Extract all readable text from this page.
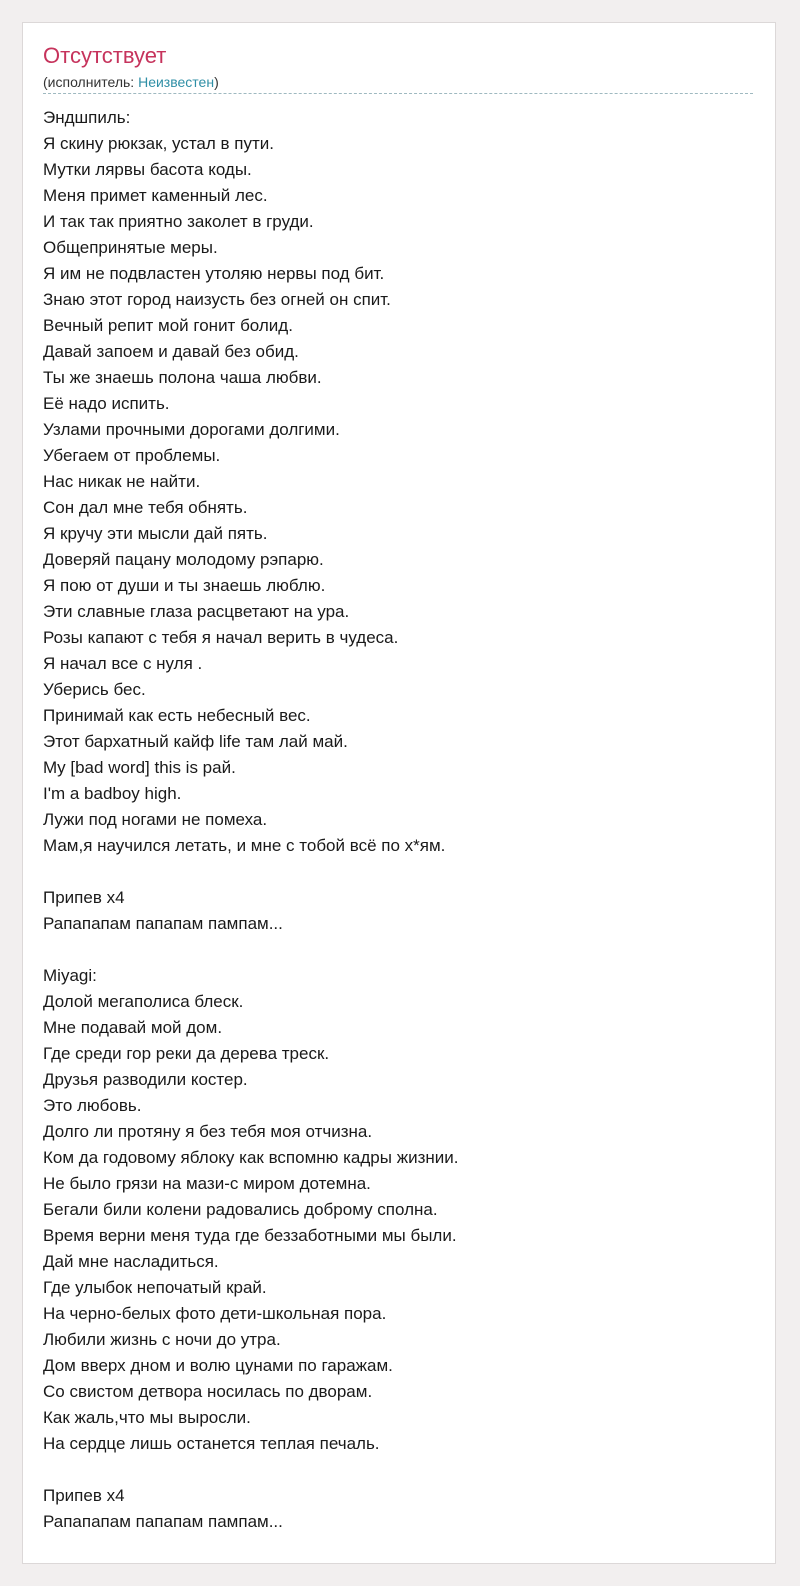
Отсутствует
(исполнитель: Неизвестен)
Эндшпиль:
Я скину рюкзак, устал в пути.
Мутки лярвы басота коды.
Меня примет каменный лес.
И так так приятно заколет в груди.
Общепринятые меры.
Я им не подвластен утоляю нервы под бит.
Знаю этот город наизусть без огней он спит.
Вечный репит мой гонит болид.
Давай запоем и давай без обид.
Ты же знаешь полона чаша любви.
Её надо испить.
Узлами прочными дорогами долгими.
Убегаем от проблемы.
Нас никак не найти.
Сон дал мне тебя обнять.
Я кручу эти мысли дай пять.
Доверяй пацану молодому рэпарю.
Я пою от души и ты знаешь люблю.
Эти славные глаза расцветают на ура.
Розы капают с тебя я начал верить в чудеса.
Я начал все с нуля .
Уберись бес.
Принимай как есть небесный вес.
Этот бархатный кайф life там лай май.
My [bad word] this is рай.
I'm a badboy high.
Лужи под ногами не помеха.
Мам,я научился летать, и мне с тобой всё по х*ям.
Припев x4
Рапапапам папапам пампам...
Miyagi:
Долой мегаполиса блеск.
Мне подавай мой дом.
Где среди гор реки да дерева треск.
Друзья разводили костер.
Это любовь.
Долго ли протяну я без тебя моя отчизна.
Ком да годовому яблоку как вспомню кадры жизнии.
Не было грязи на мази-с миром дотемна.
Бегали били колени радовались доброму сполна.
Время верни меня туда где беззаботными мы были.
Дай мне насладиться.
Где улыбок непочатый край.
На черно-белых фото дети-школьная пора.
Любили жизнь с ночи до утра.
Дом вверх дном и волю цунами по гаражам.
Со свистом детвора носилась по дворам.
Как жаль,что мы выросли.
На сердце лишь останется теплая печаль.
Припев x4
Рапапапам папапам пампам...
